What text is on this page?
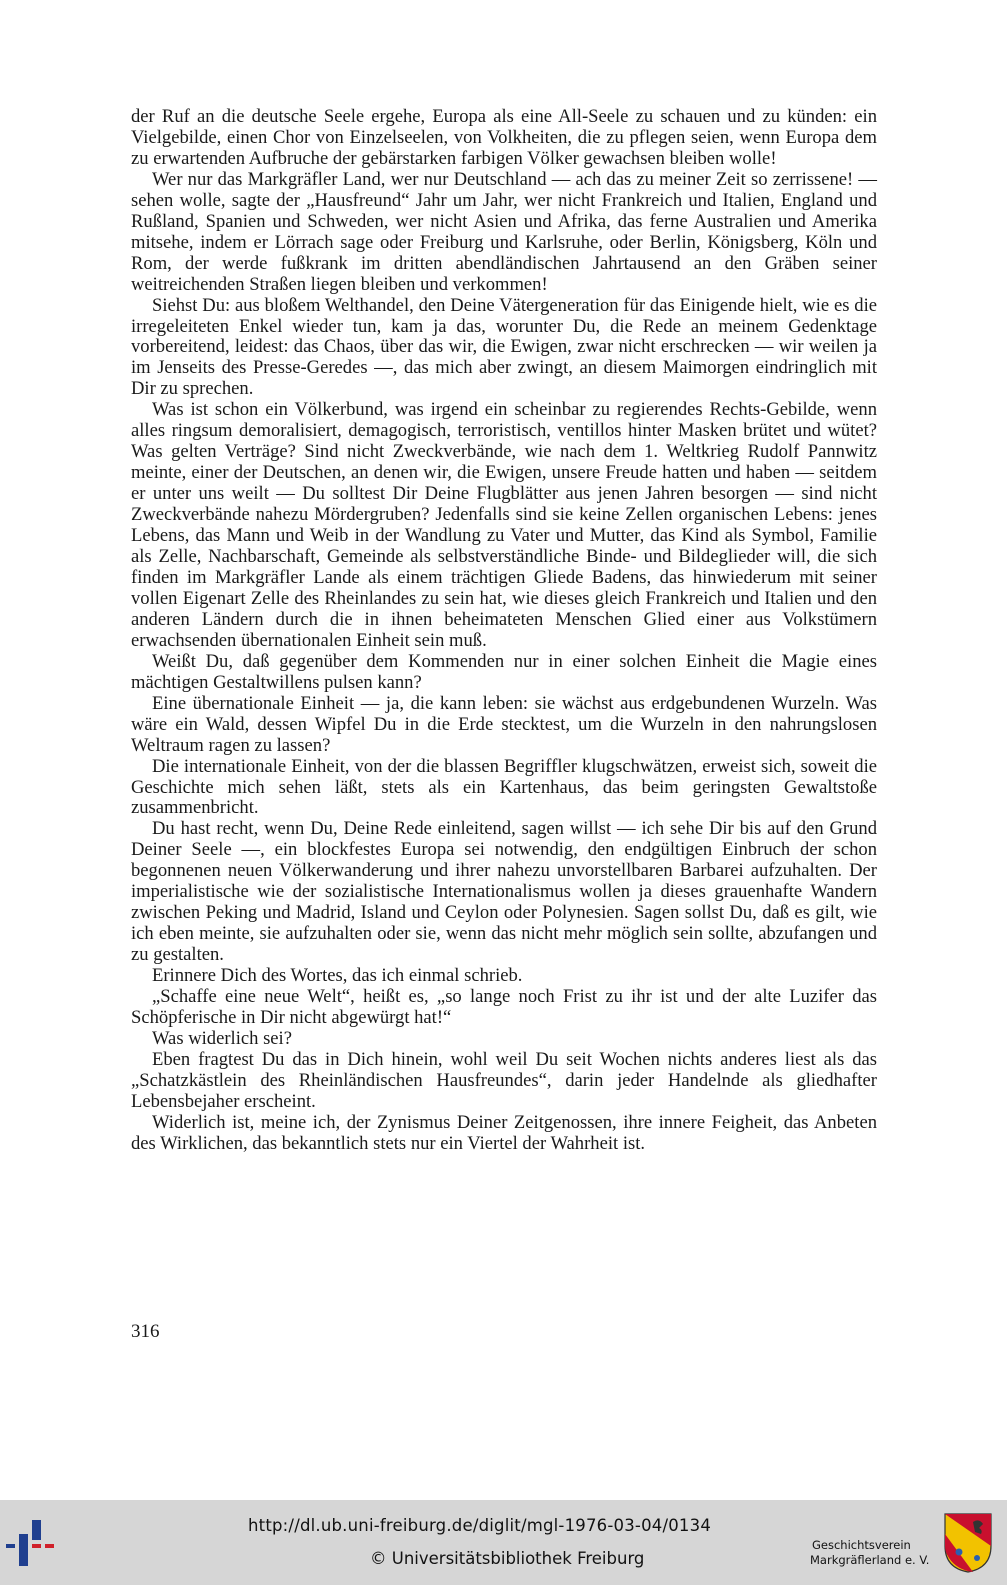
der Ruf an die deutsche Seele ergehe, Europa als eine All-Seele zu schauen und zu künden: ein Vielgebilde, einen Chor von Einzelseelen, von Volkheiten, die zu pflegen seien, wenn Europa dem zu erwartenden Aufbruche der gebärstarken farbigen Völker gewachsen bleiben wolle!

Wer nur das Markgräfler Land, wer nur Deutschland — ach das zu meiner Zeit so zerrissene! — sehen wolle, sagte der „Hausfreund“ Jahr um Jahr, wer nicht Frankreich und Italien, England und Rußland, Spanien und Schweden, wer nicht Asien und Afrika, das ferne Australien und Amerika mitsehe, indem er Lörrach sage oder Freiburg und Karlsruhe, oder Berlin, Königsberg, Köln und Rom, der werde fußkrank im dritten abendländischen Jahrtausend an den Gräben seiner weitreichenden Straßen liegen bleiben und verkommen!

Siehst Du: aus bloßem Welthandel, den Deine Vätergeneration für das Einigende hielt, wie es die irregeleiteten Enkel wieder tun, kam ja das, worunter Du, die Rede an meinem Gedenktage vorbereitend, leidest: das Chaos, über das wir, die Ewigen, zwar nicht erschrecken — wir weilen ja im Jenseits des Presse-Geredes —, das mich aber zwingt, an diesem Maimorgen eindringlich mit Dir zu sprechen.

Was ist schon ein Völkerbund, was irgend ein scheinbar zu regierendes Rechts-Gebilde, wenn alles ringsum demoralisiert, demagogisch, terroristisch, ventillos hinter Masken brütet und wütet? Was gelten Verträge? Sind nicht Zweckverbände, wie nach dem 1. Weltkrieg Rudolf Pannwitz meinte, einer der Deutschen, an denen wir, die Ewigen, unsere Freude hatten und haben — seitdem er unter uns weilt — Du solltest Dir Deine Flugblätter aus jenen Jahren besorgen — sind nicht Zweckverbände nahezu Mördergruben? Jedenfalls sind sie keine Zellen organischen Lebens: jenes Lebens, das Mann und Weib in der Wandlung zu Vater und Mutter, das Kind als Symbol, Familie als Zelle, Nachbarschaft, Gemeinde als selbstverständliche Binde- und Bildeglieder will, die sich finden im Markgräfler Lande als einem trächtigen Gliede Badens, das hinwiederum mit seiner vollen Eigenart Zelle des Rheinlandes zu sein hat, wie dieses gleich Frankreich und Italien und den anderen Ländern durch die in ihnen beheimateten Menschen Glied einer aus Volkstümern erwachsenden übernationalen Einheit sein muß.

Weißt Du, daß gegenüber dem Kommenden nur in einer solchen Einheit die Magie eines mächtigen Gestaltwillens pulsen kann?

Eine übernationale Einheit — ja, die kann leben: sie wächst aus erdgebundenen Wurzeln. Was wäre ein Wald, dessen Wipfel Du in die Erde stecktest, um die Wurzeln in den nahrungslosen Weltraum ragen zu lassen?

Die internationale Einheit, von der die blassen Begriffler klugschwätzen, erweist sich, soweit die Geschichte mich sehen läßt, stets als ein Kartenhaus, das beim geringsten Gewaltstoße zusammenbricht.

Du hast recht, wenn Du, Deine Rede einleitend, sagen willst — ich sehe Dir bis auf den Grund Deiner Seele —, ein blockfestes Europa sei notwendig, den endgültigen Einbruch der schon begonnenen neuen Völkerwanderung und ihrer nahezu unvorstellbaren Barbarei aufzuhalten. Der imperialistische wie der sozialistische Internationalismus wollen ja dieses grauenhafte Wandern zwischen Peking und Madrid, Island und Ceylon oder Polynesien. Sagen sollst Du, daß es gilt, wie ich eben meinte, sie aufzuhalten oder sie, wenn das nicht mehr möglich sein sollte, abzufangen und zu gestalten.

Erinnere Dich des Wortes, das ich einmal schrieb.

„Schaffe eine neue Welt“, heißt es, „so lange noch Frist zu ihr ist und der alte Luzifer das Schöpferische in Dir nicht abgewürgt hat!“

Was widerlich sei?

Eben fragtest Du das in Dich hinein, wohl weil Du seit Wochen nichts anderes liest als das „Schatzkästlein des Rheinländischen Hausfreundes“, darin jeder Handelnde als gliedhafter Lebensbejaher erscheint.

Widerlich ist, meine ich, der Zynismus Deiner Zeitgenossen, ihre innere Feigheit, das Anbeten des Wirklichen, das bekanntlich stets nur ein Viertel der Wahrheit ist.

316
http://dl.ub.uni-freiburg.de/diglit/mgl-1976-03-04/0134
© Universitätsbibliothek Freiburg
Geschichtsverein
Markgräflerland e. V.
